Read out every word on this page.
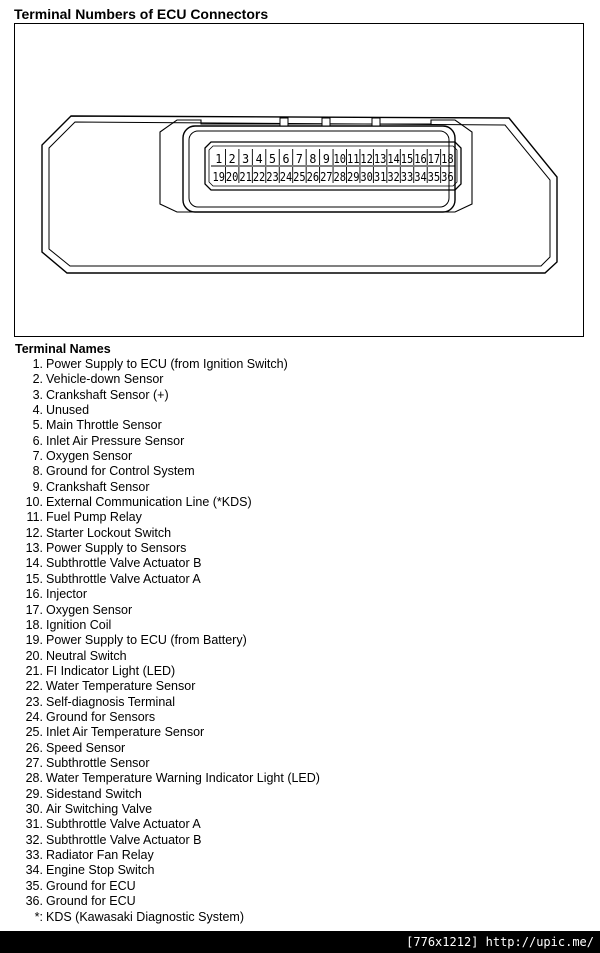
Terminal Numbers of ECU Connectors
1 2 3 4 5 6 7 8 9 10 11 12 13 14 15 16 17 18
19 20 21 22 23 24 25 26 27 28 29 30 31 32 33 34 35 36
Terminal Names
1. Power Supply to ECU (from Ignition Switch)
2. Vehicle-down Sensor
3. Crankshaft Sensor (+)
4. Unused
5. Main Throttle Sensor
6. Inlet Air Pressure Sensor
7. Oxygen Sensor
8. Ground for Control System
9. Crankshaft Sensor
10. External Communication Line (*KDS)
11. Fuel Pump Relay
12. Starter Lockout Switch
13. Power Supply to Sensors
14. Subthrottle Valve Actuator B
15. Subthrottle Valve Actuator A
16. Injector
17. Oxygen Sensor
18. Ignition Coil
19. Power Supply to ECU (from Battery)
20. Neutral Switch
21. FI Indicator Light (LED)
22. Water Temperature Sensor
23. Self-diagnosis Terminal
24. Ground for Sensors
25. Inlet Air Temperature Sensor
26. Speed Sensor
27. Subthrottle Sensor
28. Water Temperature Warning Indicator Light (LED)
29. Sidestand Switch
30. Air Switching Valve
31. Subthrottle Valve Actuator A
32. Subthrottle Valve Actuator B
33. Radiator Fan Relay
34. Engine Stop Switch
35. Ground for ECU
36. Ground for ECU
*: KDS (Kawasaki Diagnostic System)
[776x1212] http://upic.me/
